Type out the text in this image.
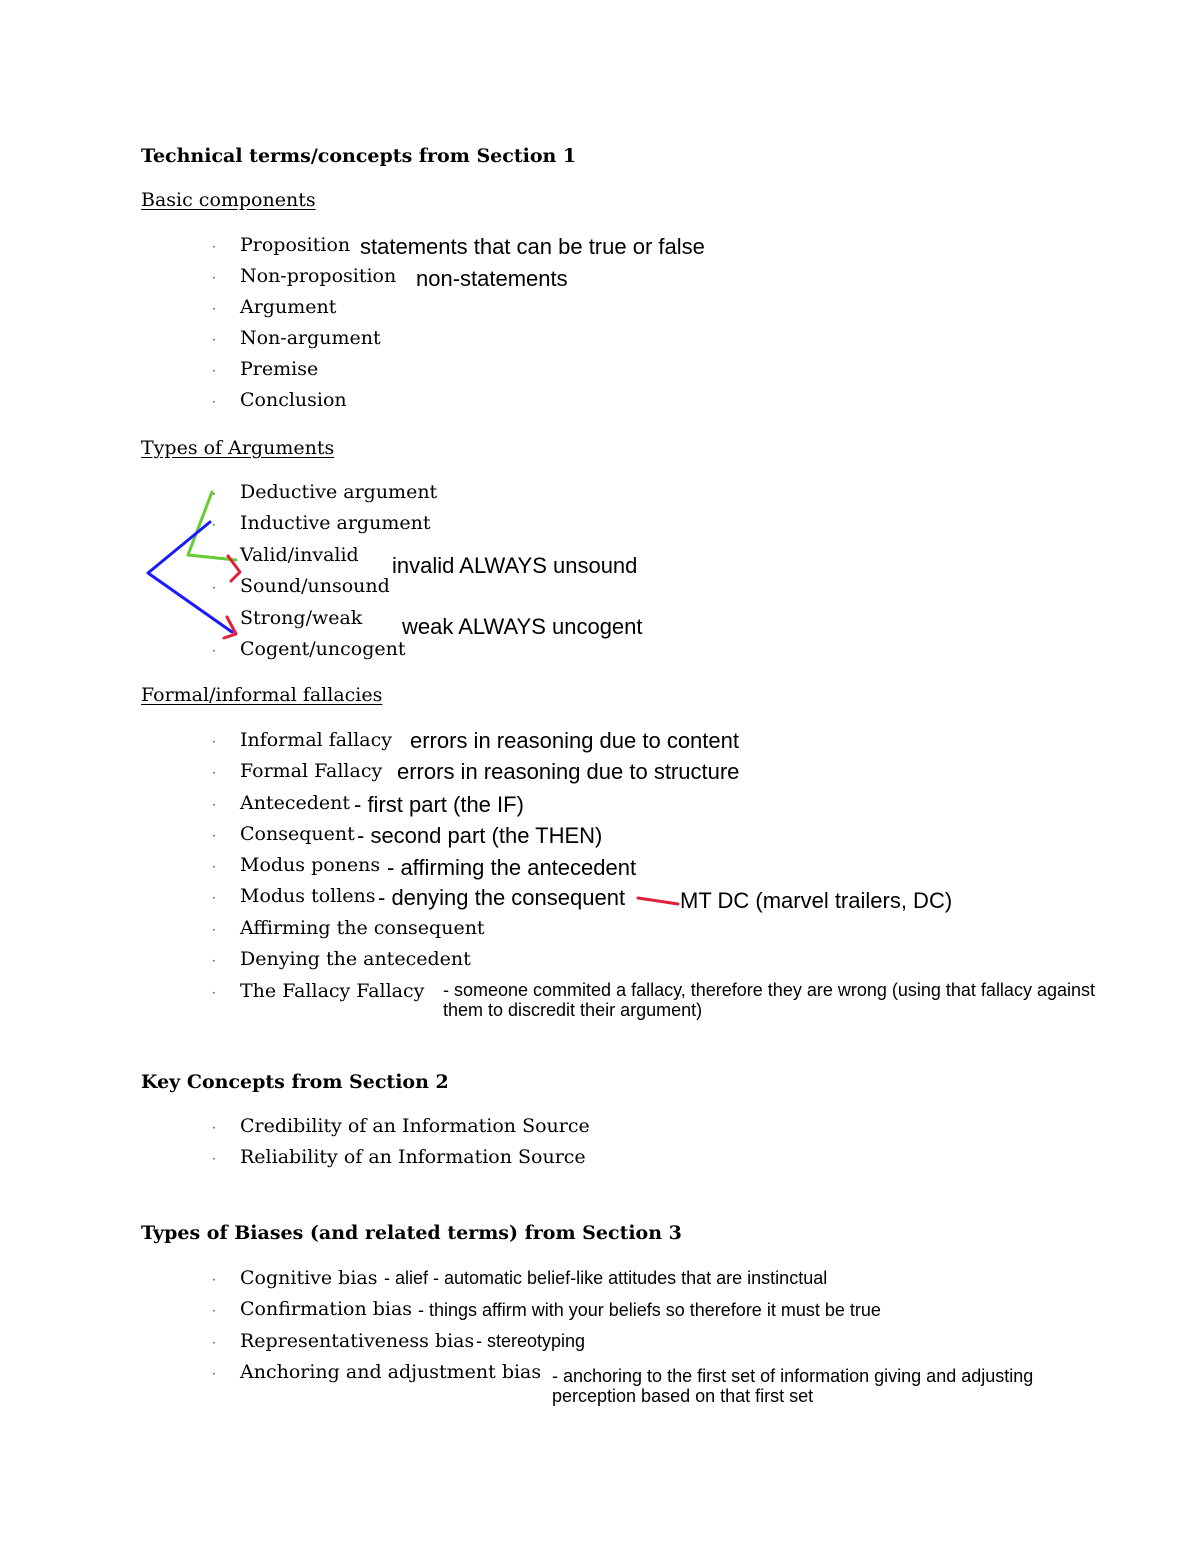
Technical terms/concepts from Section 1
Basic components
· Proposition
· Non-proposition
· Argument
· Non-argument
· Premise
· Conclusion
statements that can be true or false
non-statements
Types of Arguments
· Deductive argument
· Inductive argument
· Valid/invalid
· Sound/unsound
· Strong/weak
· Cogent/uncogent
invalid ALWAYS unsound
weak ALWAYS uncogent
Formal/informal fallacies
· Informal fallacy
· Formal Fallacy
· Antecedent
· Consequent
· Modus ponens
· Modus tollens
· Affirming the consequent
· Denying the antecedent
· The Fallacy Fallacy
errors in reasoning due to content
errors in reasoning due to structure
- first part (the IF)
- second part (the THEN)
- affirming the antecedent
- denying the consequent MT DC (marvel trailers, DC)
- someone commited a fallacy, therefore they are wrong (using that fallacy against them to discredit their argument)
Key Concepts from Section 2
· Credibility of an Information Source
· Reliability of an Information Source
Types of Biases (and related terms) from Section 3
· Cognitive bias
· Confirmation bias
· Representativeness bias
· Anchoring and adjustment bias
- alief - automatic belief-like attitudes that are instinctual
- things affirm with your beliefs so therefore it must be true
- stereotyping
- anchoring to the first set of information giving and adjusting perception based on that first set
